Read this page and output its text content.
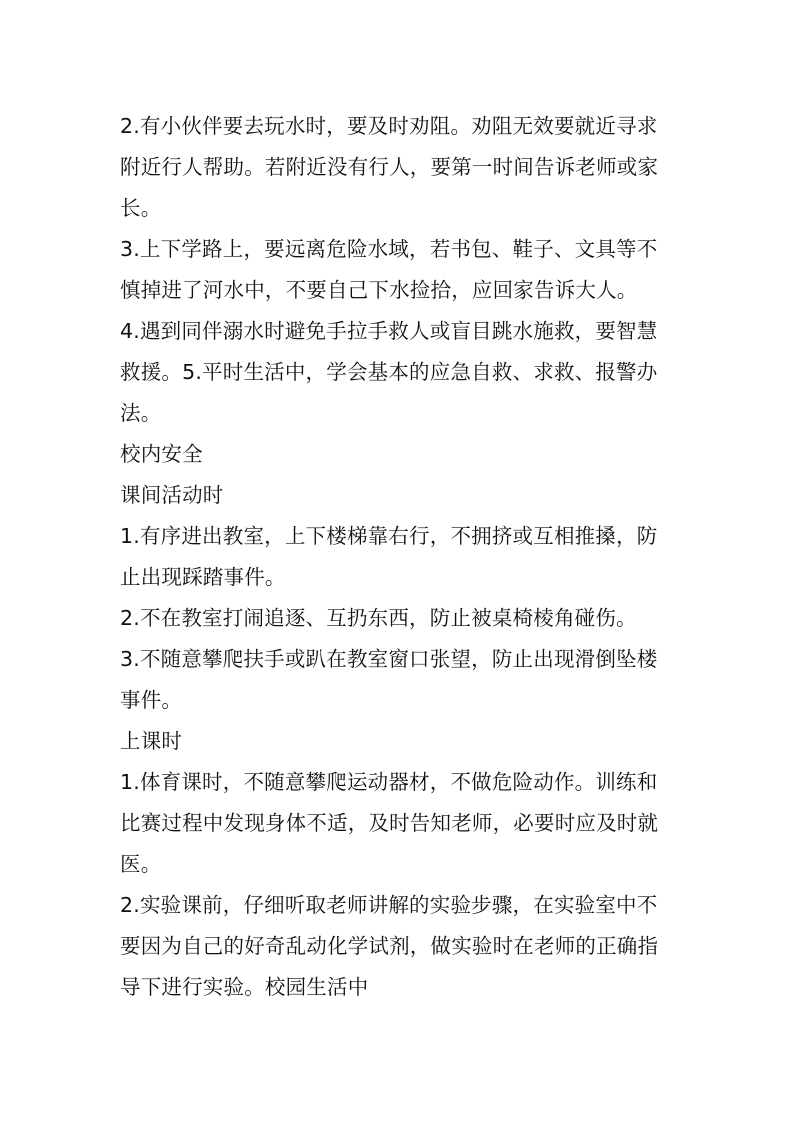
2.有小伙伴要去玩水时，要及时劝阻。劝阻无效要就近寻求
附近行人帮助。若附近没有行人，要第一时间告诉老师或家
长。
3.上下学路上，要远离危险水域，若书包、鞋子、文具等不
慎掉进了河水中，不要自己下水捡拾，应回家告诉大人。
4.遇到同伴溺水时避免手拉手救人或盲目跳水施救，要智慧
救援。5.平时生活中，学会基本的应急自救、求救、报警办
法。
校内安全
课间活动时
1.有序进出教室，上下楼梯靠右行，不拥挤或互相推搡，防
止出现踩踏事件。
2.不在教室打闹追逐、互扔东西，防止被桌椅棱角碰伤。
3.不随意攀爬扶手或趴在教室窗口张望，防止出现滑倒坠楼
事件。
上课时
1.体育课时，不随意攀爬运动器材，不做危险动作。训练和
比赛过程中发现身体不适，及时告知老师，必要时应及时就
医。
2.实验课前，仔细听取老师讲解的实验步骤，在实验室中不
要因为自己的好奇乱动化学试剂，做实验时在老师的正确指
导下进行实验。校园生活中
